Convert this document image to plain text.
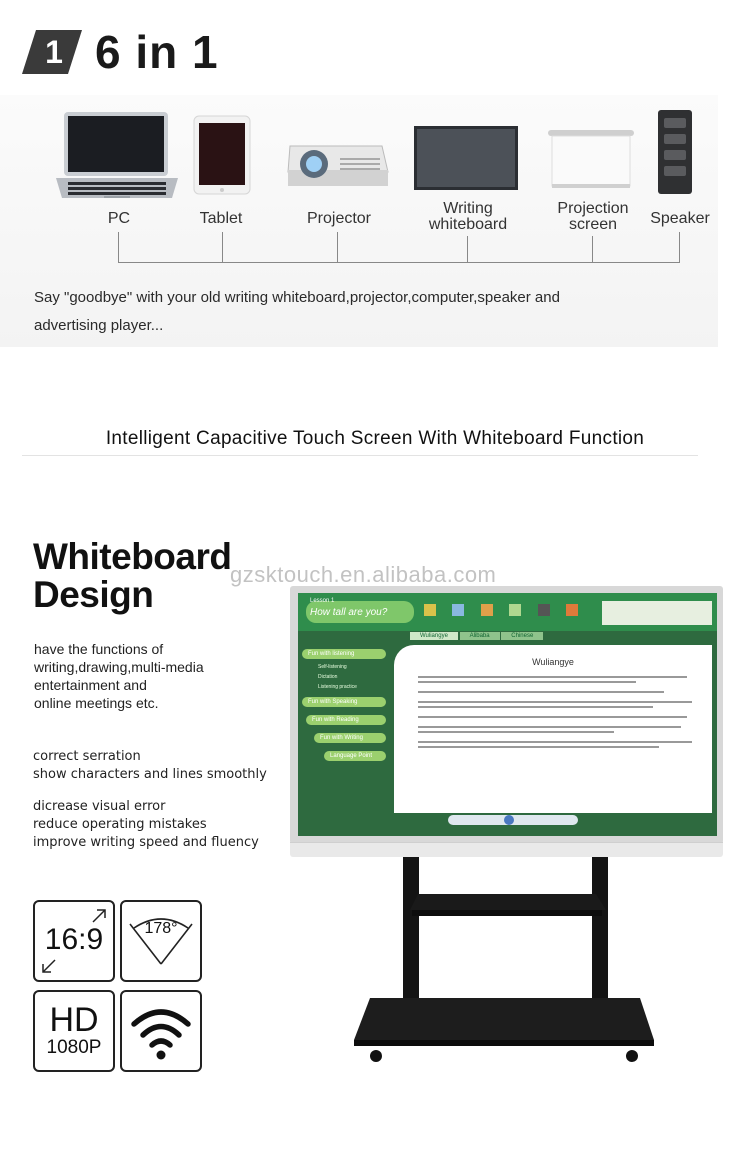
1 6 in 1
PC	Tablet	Projector
Writing whiteboard
Projection screen	Speaker
Say "goodbye" with your old writing whiteboard,projector,computer,speaker and
advertising player...
Intelligent Capacitive Touch Screen With Whiteboard Function
Whiteboard
Design
have the functions of
writing,drawing,multi-media
entertainment and
online meetings etc.
correct serration
show characters and lines smoothly
dicrease visual error
reduce operating mistakes
improve writing speed and fluency
16:9	178°
HD
1080P
Lesson 1
How tall are you?

Wuliangye	Alibaba	Chinese
Fun with listening
Self-listening
Dictation
Listening practice
Fun with Speaking
Fun with Reading
Fun with Writing
Language Point
Wuliangye
gzsktouch.en.alibaba.com
